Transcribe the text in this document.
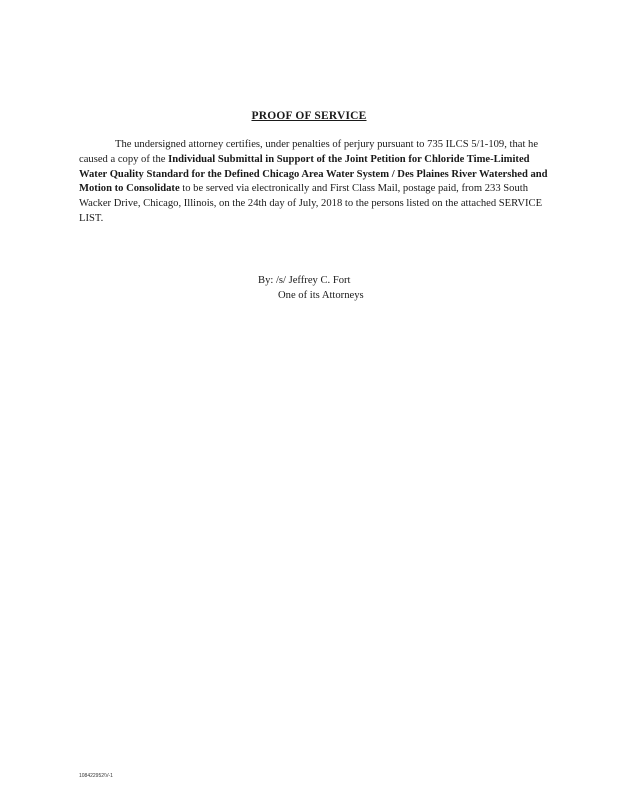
PROOF OF SERVICE

The undersigned attorney certifies, under penalties of perjury pursuant to 735 ILCS 5/1-109, that he caused a copy of the Individual Submittal in Support of the Joint Petition for Chloride Time-Limited Water Quality Standard for the Defined Chicago Area Water System / Des Plaines River Watershed and Motion to Consolidate to be served via electronically and First Class Mail, postage paid, from 233 South Wacker Drive, Chicago, Illinois, on the 24th day of July, 2018 to the persons listed on the attached SERVICE LIST.

By: /s/ Jeffrey C. Fort
One of its Attorneys
108422952\V-1
